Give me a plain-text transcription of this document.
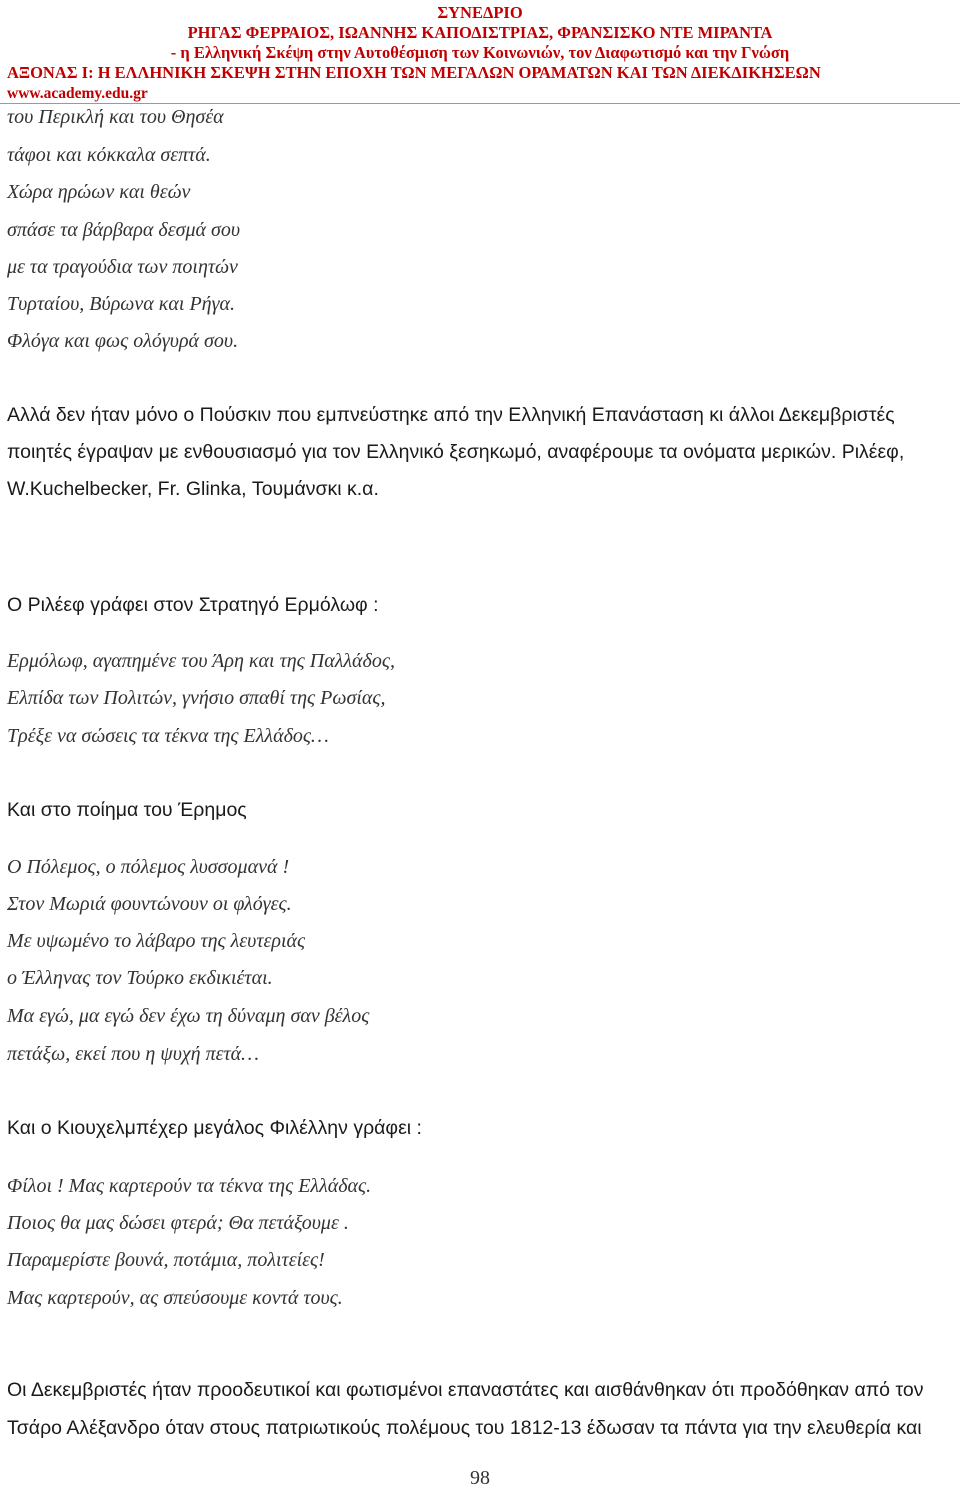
ΣΥΝΕΔΡΙΟ
ΡΗΓΑΣ ΦΕΡΡΑΙΟΣ, ΙΩΑΝΝΗΣ ΚΑΠΟΔΙΣΤΡΙΑΣ, ΦΡΑΝΣΙΣΚΟ ΝΤΕ ΜΙΡΑΝΤΑ
- η Ελληνική Σκέψη στην Αυτοθέσμιση των Κοινωνιών, τον Διαφωτισμό και την Γνώση
ΑΞΟΝΑΣ Ι: Η ΕΛΛΗΝΙΚΗ ΣΚΕΨΗ ΣΤΗΝ ΕΠΟΧΗ ΤΩΝ ΜΕΓΑΛΩΝ ΟΡΑΜΑΤΩΝ ΚΑΙ ΤΩΝ ΔΙΕΚΔΙΚΗΣΕΩΝ
www.academy.edu.gr
του Περικλή και του Θησέα
τάφοι και κόκκαλα σεπτά.
Χώρα ηρώων και θεών
σπάσε τα βάρβαρα δεσμά σου
με τα τραγούδια των ποιητών
Τυρταίου, Βύρωνα και Ρήγα.
Φλόγα και φως ολόγυρά σου.
Αλλά δεν ήταν μόνο ο Πούσκιν που εμπνεύστηκε από την Ελληνική Επανάσταση κι άλλοι Δεκεμβριστές
ποιητές έγραψαν με ενθουσιασμό για τον Ελληνικό ξεσηκωμό, αναφέρουμε τα ονόματα μερικών. Ριλέεφ,
W.Kuchelbecker, Fr. Glinka, Τουμάνσκι κ.α.
Ο Ριλέεφ γράφει στον Στρατηγό Ερμόλωφ :
Ερμόλωφ, αγαπημένε του Άρη και της Παλλάδος,
Ελπίδα των Πολιτών, γνήσιο σπαθί της Ρωσίας,
Τρέξε να σώσεις τα τέκνα της Ελλάδος…
Και στο ποίημα του Έρημος
Ο Πόλεμος, ο πόλεμος λυσσομανά !
Στον Μωριά φουντώνουν οι φλόγες.
Με υψωμένο το λάβαρο της λευτεριάς
ο Έλληνας τον Τούρκο εκδικιέται.
Μα εγώ, μα εγώ δεν έχω τη δύναμη σαν βέλος
πετάξω, εκεί που η ψυχή πετά…
Και ο Κιουχελμπέχερ μεγάλος Φιλέλλην γράφει :
Φίλοι ! Μας καρτερούν τα τέκνα της Ελλάδας.
Ποιος θα μας δώσει φτερά; Θα πετάξουμε .
Παραμερίστε βουνά, ποτάμια, πολιτείες!
Μας καρτερούν, ας σπεύσουμε κοντά τους.
Οι Δεκεμβριστές ήταν προοδευτικοί και φωτισμένοι επαναστάτες και αισθάνθηκαν ότι προδόθηκαν από τον
Τσάρο Αλέξανδρο όταν στους πατριωτικούς πολέμους του 1812-13 έδωσαν τα πάντα για την ελευθερία και
98
